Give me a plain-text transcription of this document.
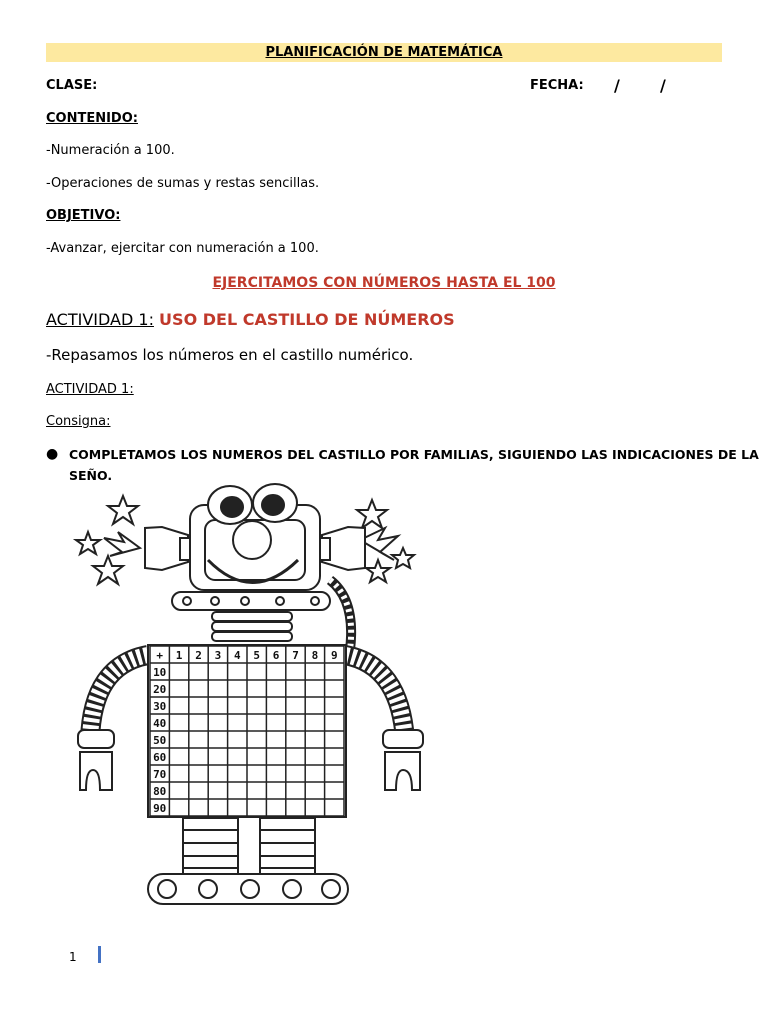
PLANIFICACIÓN DE MATEMÁTICA
CLASE:	FECHA: /	/
CONTENIDO:
-Numeración a 100.
-Operaciones de sumas y restas sencillas.
OBJETIVO:
-Avanzar, ejercitar con numeración a 100.
EJERCITAMOS CON NÚMEROS HASTA EL 100
ACTIVIDAD 1: USO DEL CASTILLO DE NÚMEROS
-Repasamos los números en el castillo numérico.
ACTIVIDAD 1:
Consigna:
● COMPLETAMOS LOS NUMEROS DEL CASTILLO POR FAMILIAS, SIGUIENDO LAS INDICACIONES DE LA
SEÑO.
+ 1 2 3 4 5 6 7 8 9
10
20
30
40
50
60
70
80
90
1
